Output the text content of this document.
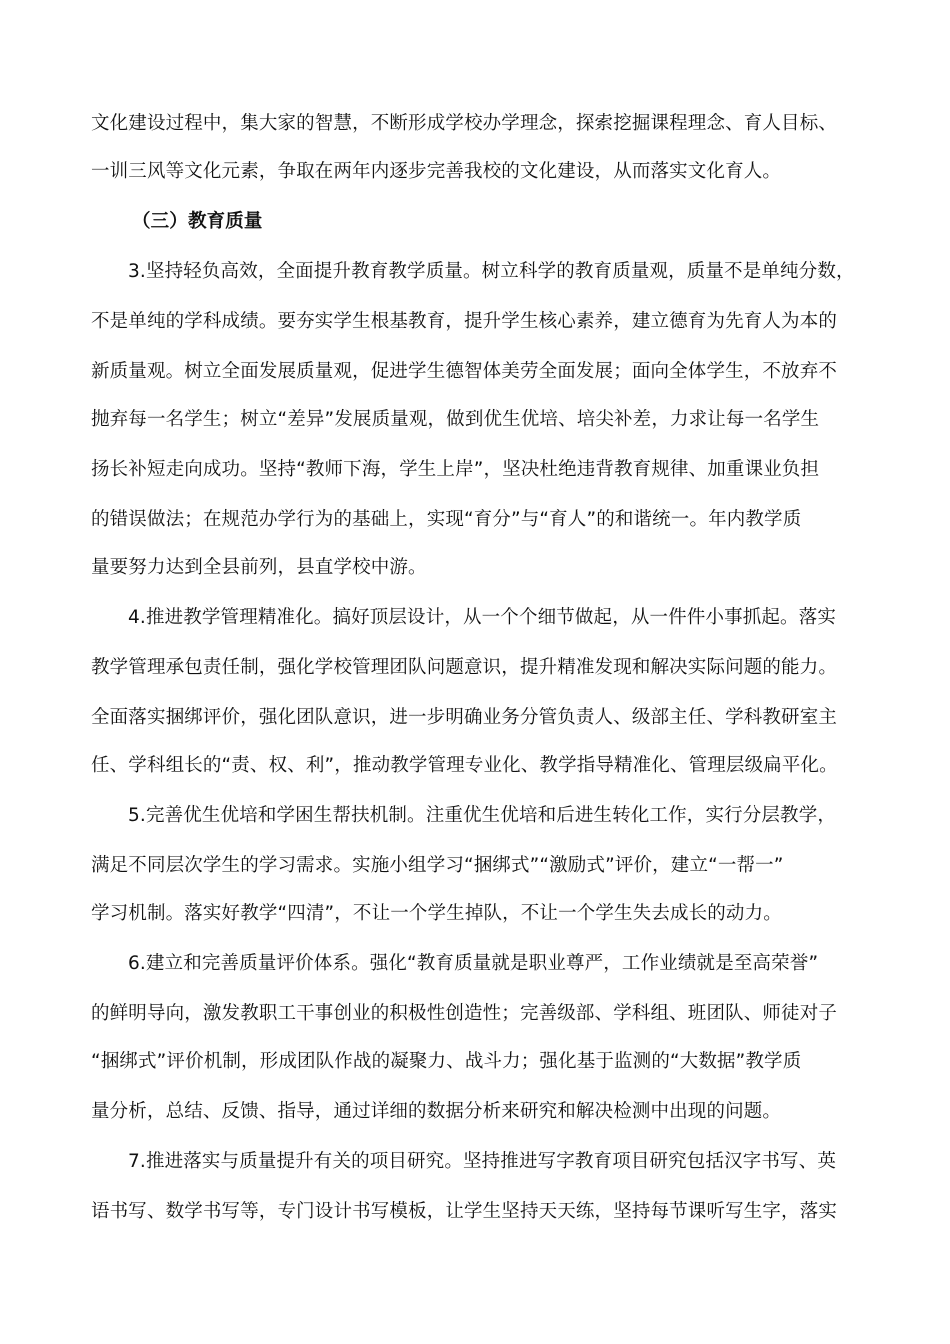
文化建设过程中，集大家的智慧，不断形成学校办学理念，探索挖掘课程理念、育人目标、
一训三风等文化元素，争取在两年内逐步完善我校的文化建设，从而落实文化育人。
（三）教育质量
3.坚持轻负高效，全面提升教育教学质量。树立科学的教育质量观，质量不是单纯分数，
不是单纯的学科成绩。要夯实学生根基教育，提升学生核心素养，建立德育为先育人为本的
新质量观。树立全面发展质量观，促进学生德智体美劳全面发展；面向全体学生，不放弃不
抛弃每一名学生；树立“差异”发展质量观，做到优生优培、培尖补差，力求让每一名学生
扬长补短走向成功。坚持“教师下海，学生上岸”，坚决杜绝违背教育规律、加重课业负担
的错误做法；在规范办学行为的基础上，实现“育分”与“育人”的和谐统一。年内教学质
量要努力达到全县前列，县直学校中游。
4.推进教学管理精准化。搞好顶层设计，从一个个细节做起，从一件件小事抓起。落实
教学管理承包责任制，强化学校管理团队问题意识，提升精准发现和解决实际问题的能力。
全面落实捆绑评价，强化团队意识，进一步明确业务分管负责人、级部主任、学科教研室主
任、学科组长的“责、权、利”，推动教学管理专业化、教学指导精准化、管理层级扁平化。
5.完善优生优培和学困生帮扶机制。注重优生优培和后进生转化工作，实行分层教学，
满足不同层次学生的学习需求。实施小组学习“捆绑式”“激励式”评价，建立“一帮一”
学习机制。落实好教学“四清”，不让一个学生掉队，不让一个学生失去成长的动力。
6.建立和完善质量评价体系。强化“教育质量就是职业尊严，工作业绩就是至高荣誉”
的鲜明导向，激发教职工干事创业的积极性创造性；完善级部、学科组、班团队、师徒对子
“捆绑式”评价机制，形成团队作战的凝聚力、战斗力；强化基于监测的“大数据”教学质
量分析，总结、反馈、指导，通过详细的数据分析来研究和解决检测中出现的问题。
7.推进落实与质量提升有关的项目研究。坚持推进写字教育项目研究包括汉字书写、英
语书写、数学书写等，专门设计书写模板，让学生坚持天天练，坚持每节课听写生字，落实
